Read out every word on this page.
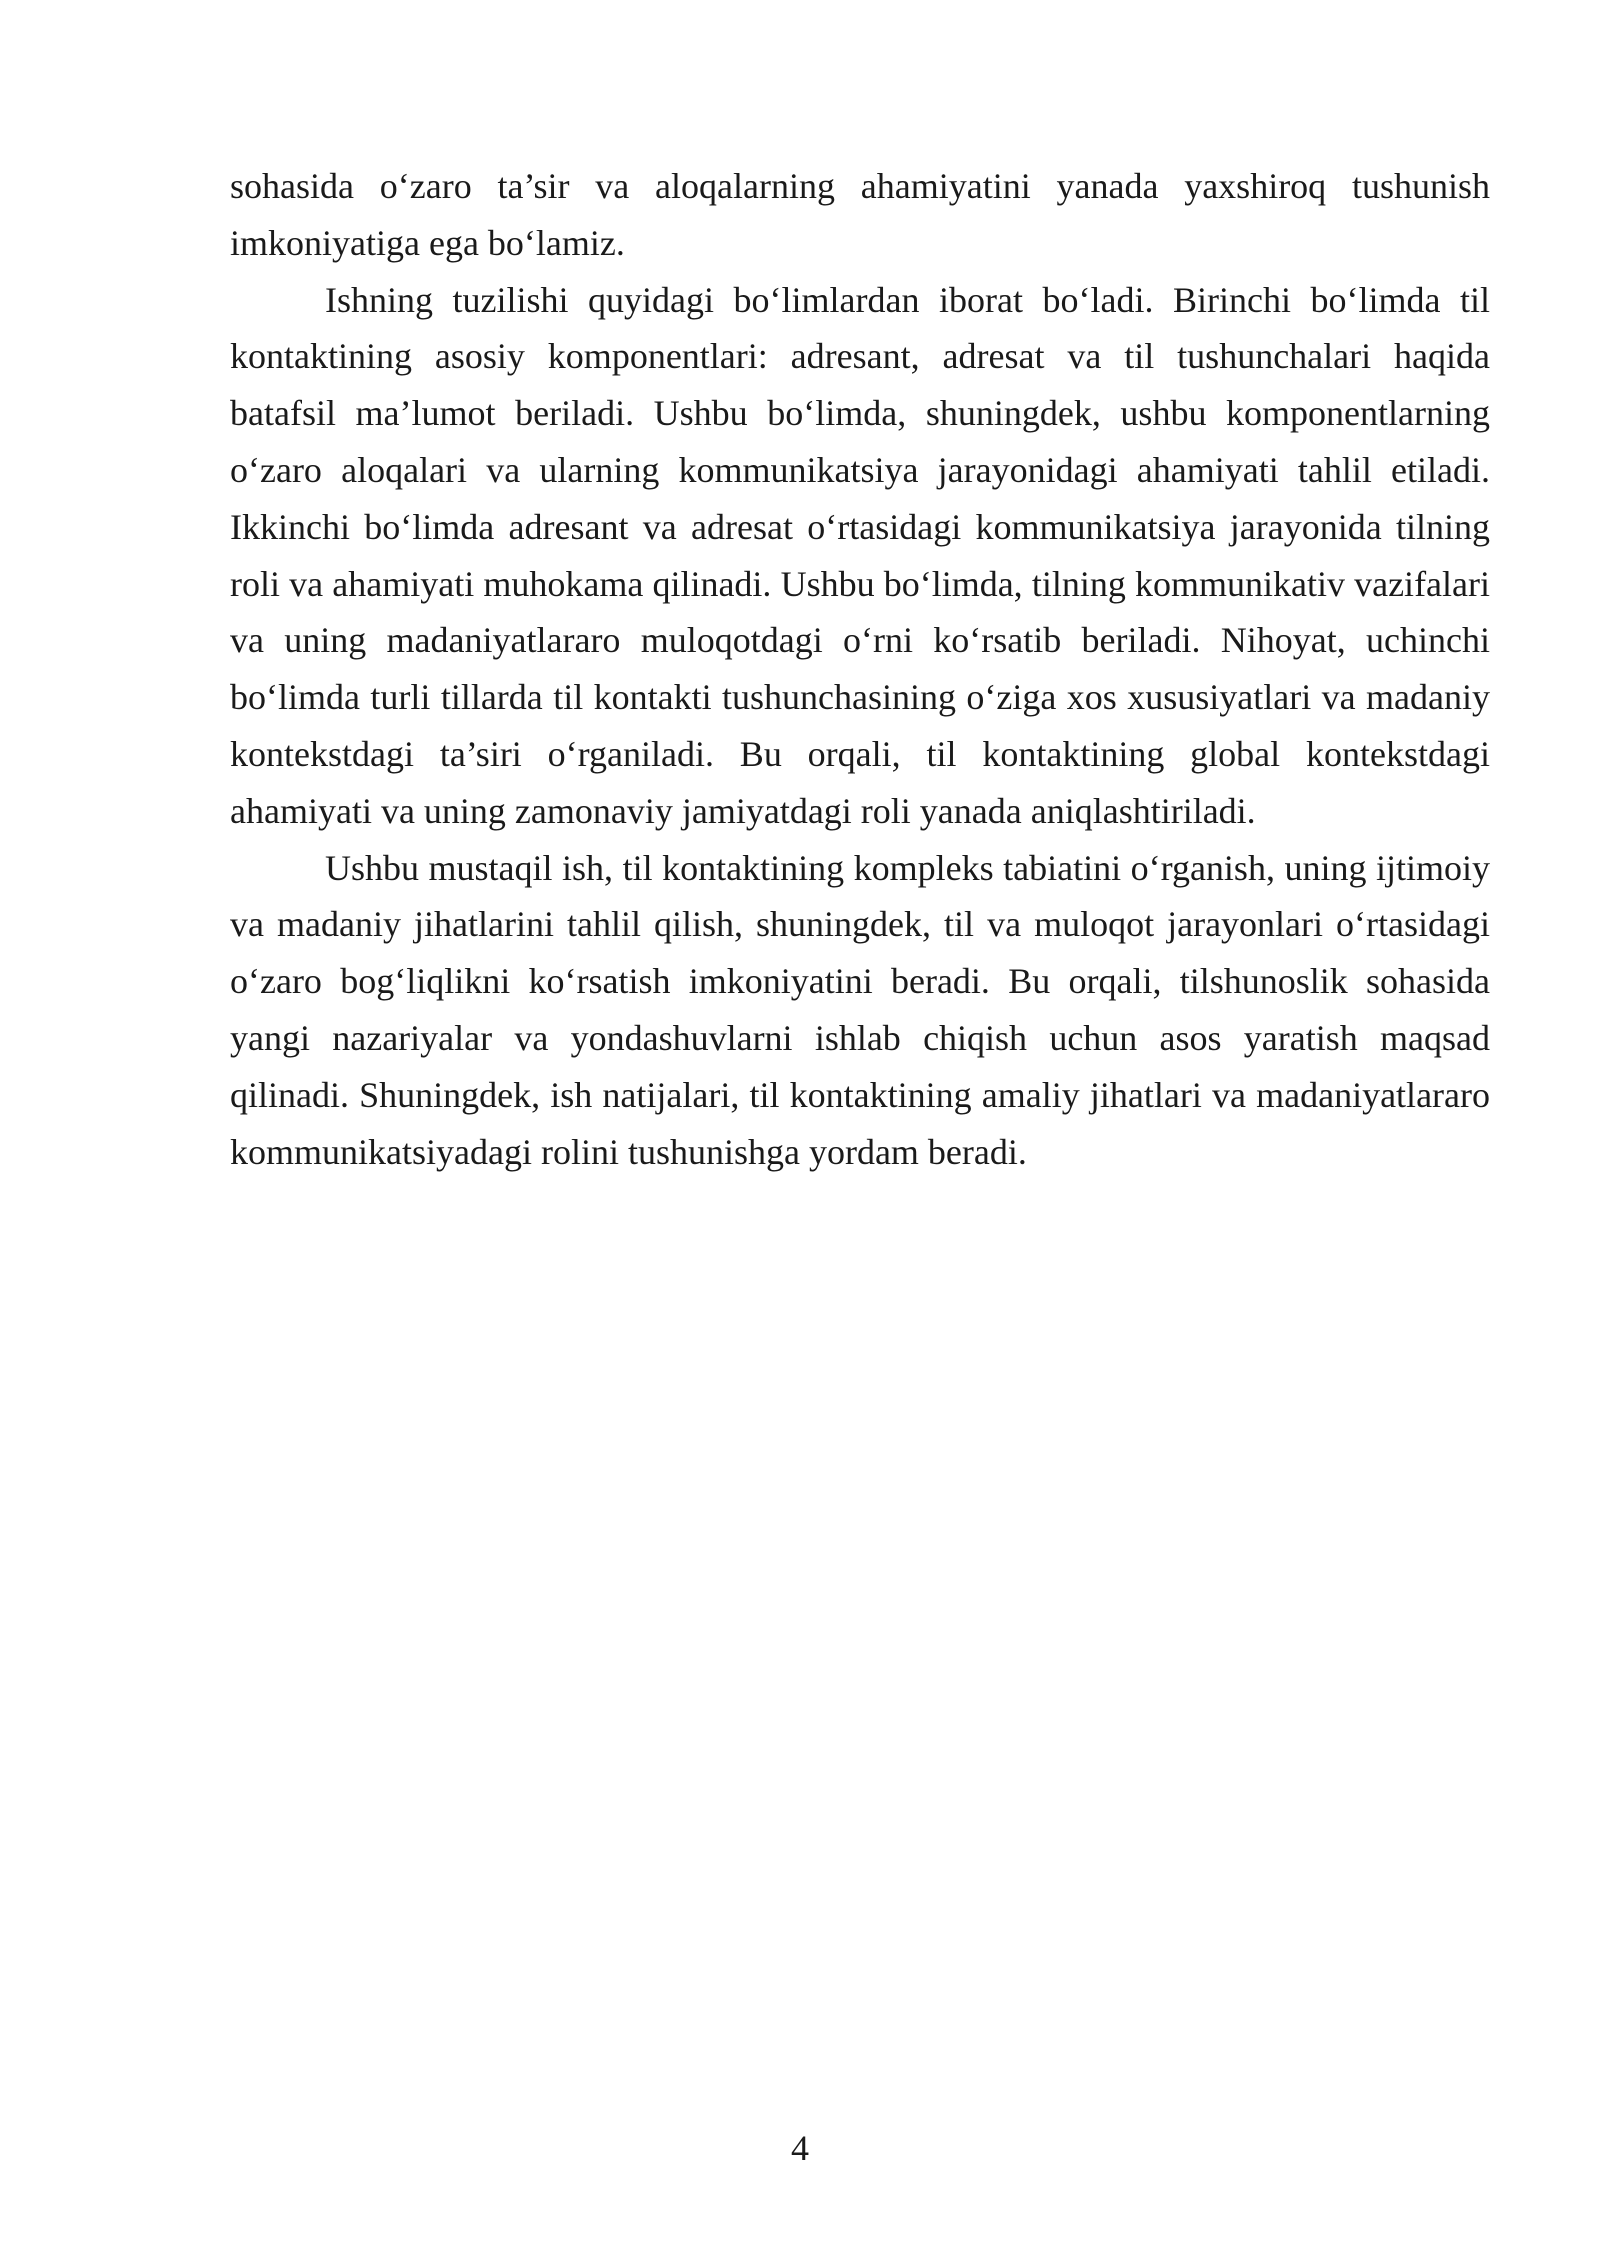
sohasida o‘zaro ta’sir va aloqalarning ahamiyatini yanada yaxshiroq tushunish imkoniyatiga ega bo‘lamiz.

Ishning tuzilishi quyidagi bo‘limlardan iborat bo‘ladi. Birinchi bo‘limda til kontaktining asosiy komponentlari: adresant, adresat va til tushunchalari haqida batafsil ma’lumot beriladi. Ushbu bo‘limda, shuningdek, ushbu komponentlarning o‘zaro aloqalari va ularning kommunikatsiya jarayonidagi ahamiyati tahlil etiladi. Ikkinchi bo‘limda adresant va adresat o‘rtasidagi kommunikatsiya jarayonida tilning roli va ahamiyati muhokama qilinadi. Ushbu bo‘limda, tilning kommunikativ vazifalari va uning madaniyatlararo muloqotdagi o‘rni ko‘rsatib beriladi. Nihoyat, uchinchi bo‘limda turli tillarda til kontakti tushunchasining o‘ziga xos xususiyatlari va madaniy kontekstdagi ta’siri o‘rganiladi. Bu orqali, til kontaktining global kontekstdagi ahamiyati va uning zamonaviy jamiyatdagi roli yanada aniqlashtiriladi.

Ushbu mustaqil ish, til kontaktining kompleks tabiatini o‘rganish, uning ijtimoiy va madaniy jihatlarini tahlil qilish, shuningdek, til va muloqot jarayonlari o‘rtasidagi o‘zaro bog‘liqlikni ko‘rsatish imkoniyatini beradi. Bu orqali, tilshunoslik sohasida yangi nazariyalar va yondashuvlarni ishlab chiqish uchun asos yaratish maqsad qilinadi. Shuningdek, ish natijalari, til kontaktining amaliy jihatlari va madaniyatlararo kommunikatsiyadagi rolini tushunishga yordam beradi.

4
